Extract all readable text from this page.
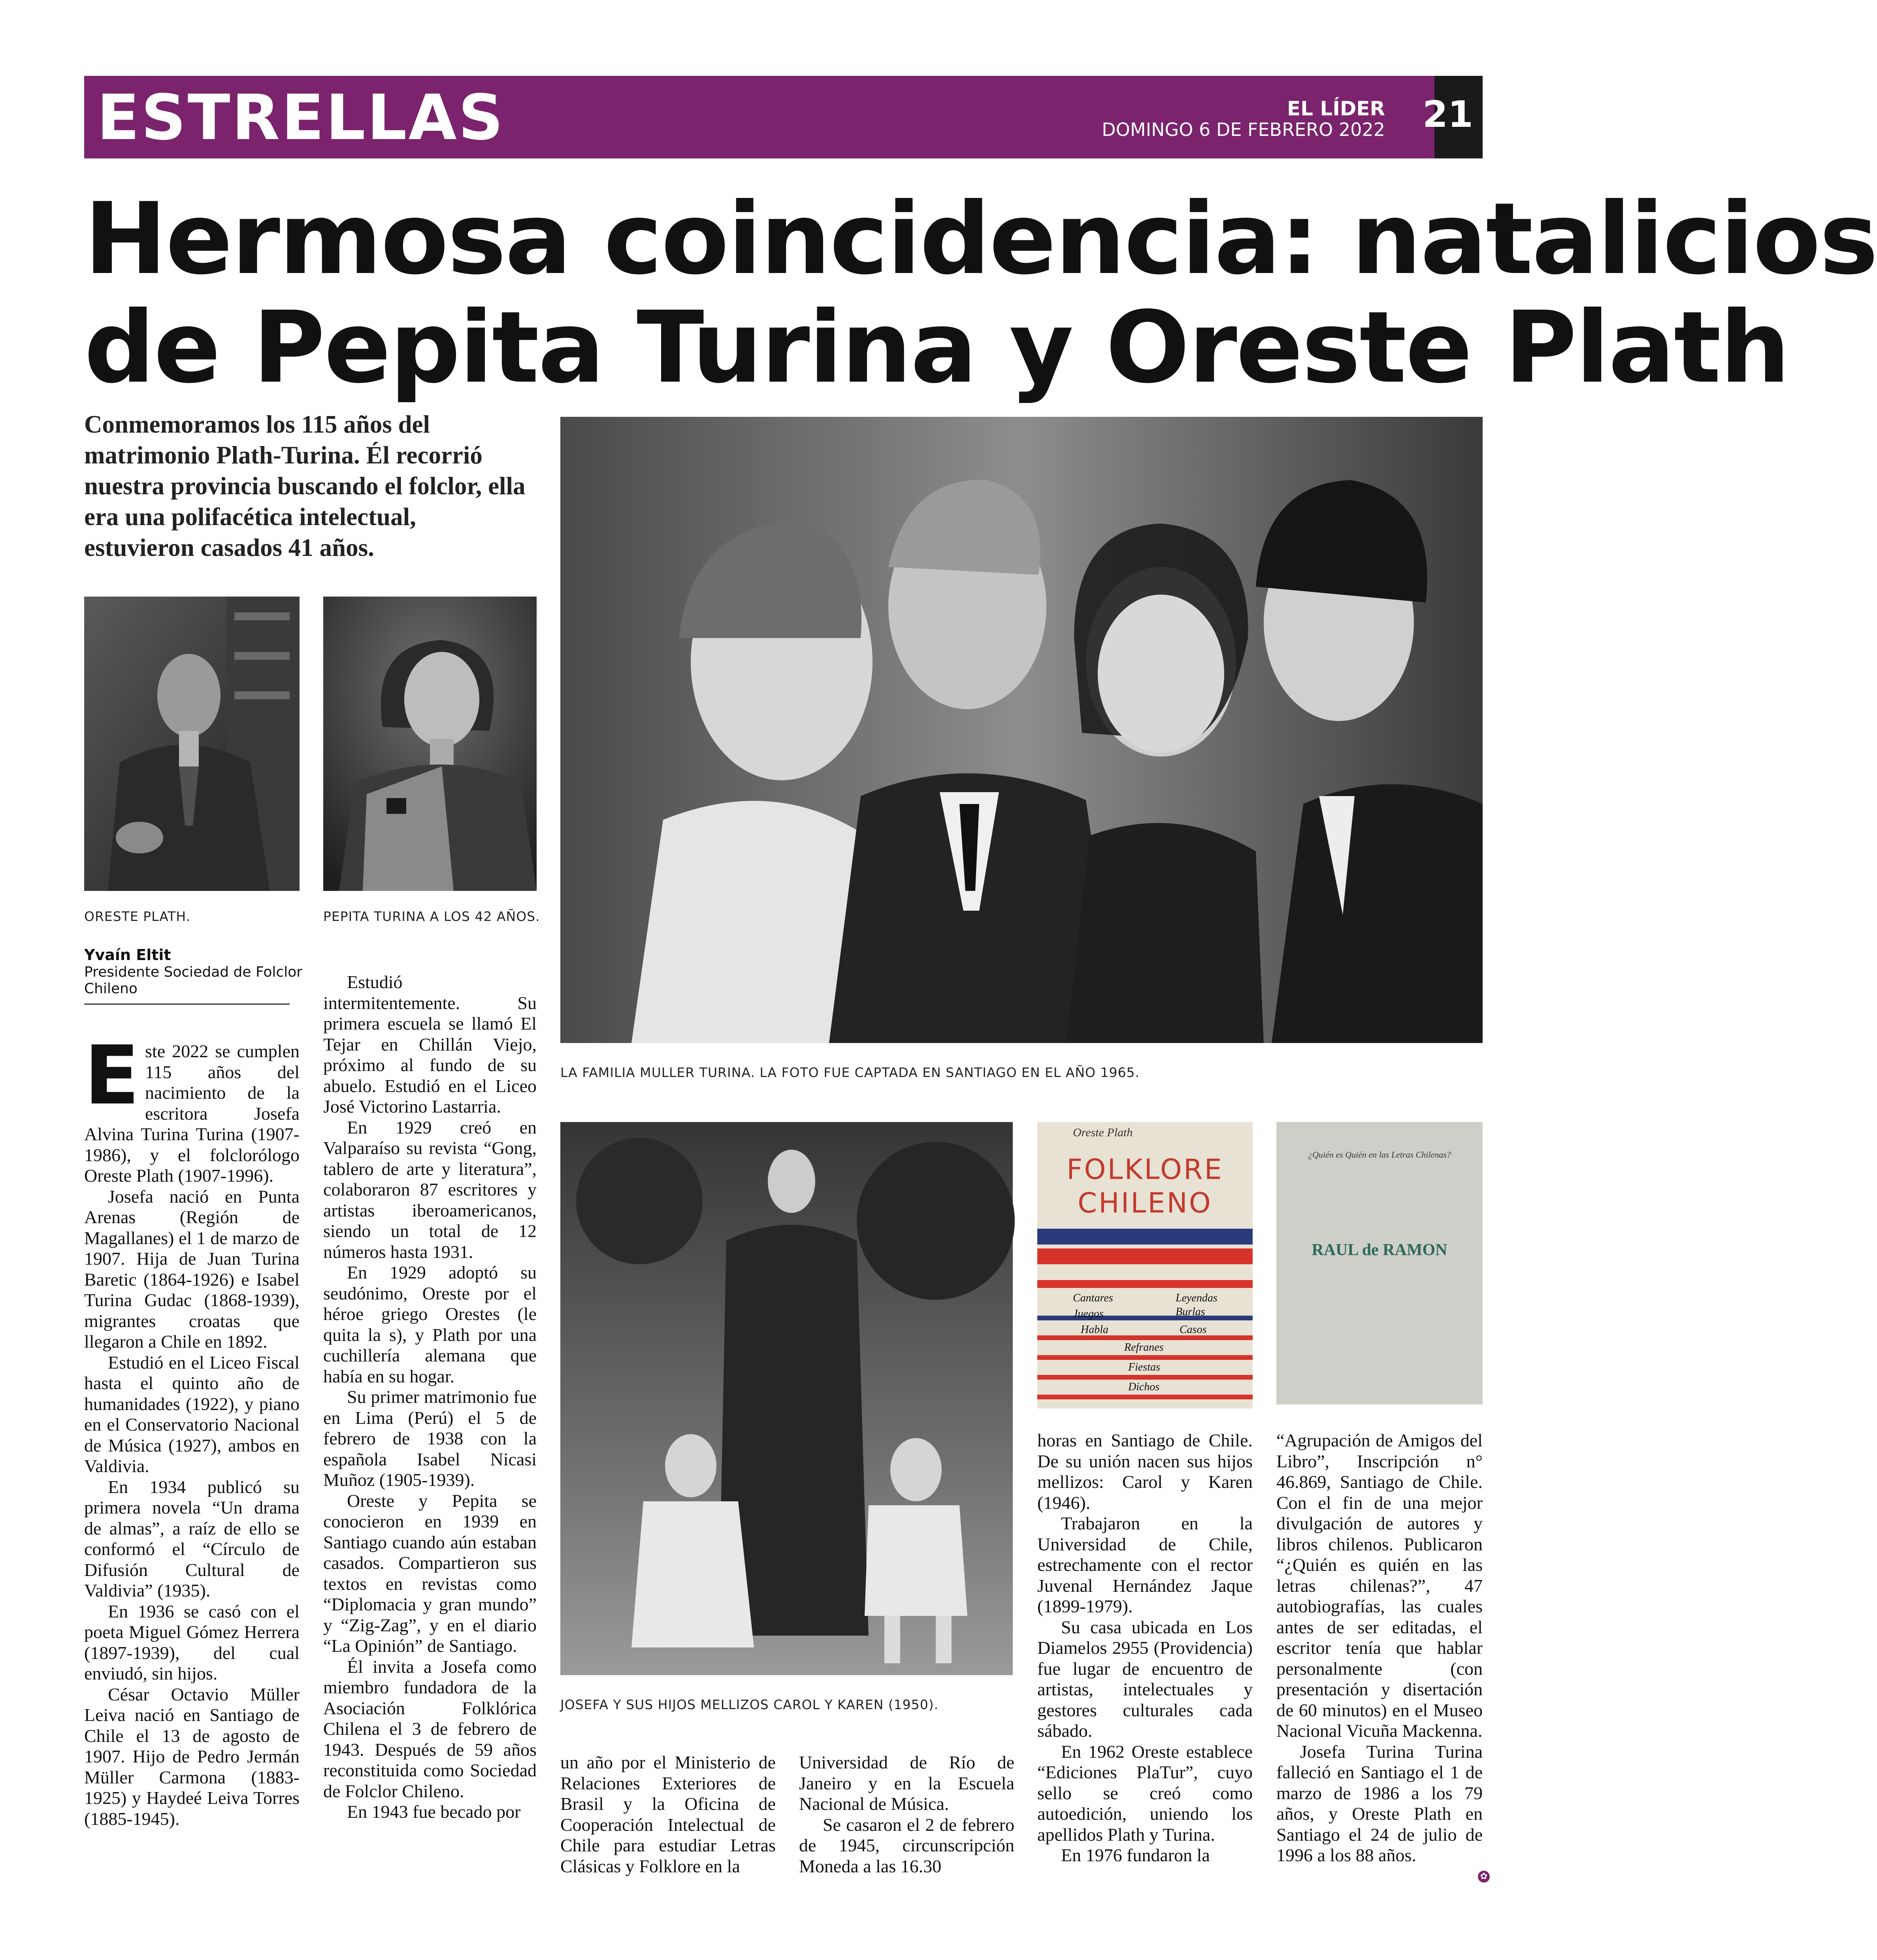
ESTRELLAS	EL LÍDER
DOMINGO 6 DE FEBRERO 2022 21
Hermosa coincidencia: natalicios
de Pepita Turina y Oreste Plath
Conmemoramos los 115 años del matrimonio Plath-Turina. Él recorrió nuestra provincia buscando el folclor, ella era una polifacética intelectual, estuvieron casados 41 años.
ORESTE PLATH.	PEPITA TURINA A LOS 42 AÑOS.
LA FAMILIA MULLER TURINA. LA FOTO FUE CAPTADA EN SANTIAGO EN EL AÑO 1965.
JOSEFA Y SUS HIJOS MELLIZOS CAROL Y KAREN (1950).
Oreste Plath
FOLKLORE
CHILENO
Cantares	Leyendas
Juegos	Burlas
Habla	Casos
Refranes
Fiestas
Dichos
¿Quién es Quién en las Letras Chilenas?
RAUL de RAMON
Yvaín Eltit
Presidente Sociedad de Folclor Chileno

Este 2022 se cumplen 115 años del nacimiento de la escritora Josefa Alvina Turina Turina (1907-1986), y el folclorólogo Oreste Plath (1907-1996).

Josefa nació en Punta Arenas (Región de Magallanes) el 1 de marzo de 1907. Hija de Juan Turina Baretic (1864-1926) e Isabel Turina Gudac (1868-1939), migrantes croatas que llegaron a Chile en 1892.

Estudió en el Liceo Fiscal hasta el quinto año de humanidades (1922), y piano en el Conservatorio Nacional de Música (1927), ambos en Valdivia.

En 1934 publicó su primera novela “Un drama de almas”, a raíz de ello se conformó el “Círculo de Difusión Cultural de Valdivia” (1935).

En 1936 se casó con el poeta Miguel Gómez Herrera (1897-1939), del cual enviudó, sin hijos.

César Octavio Müller Leiva nació en Santiago de Chile el 13 de agosto de 1907. Hijo de Pedro Jermán Müller Carmona (1883-1925) y Haydeé Leiva Torres (1885-1945).

Estudió intermitentemente. Su primera escuela se llamó El Tejar en Chillán Viejo, próximo al fundo de su abuelo. Estudió en el Liceo José Victorino Lastarria.

En 1929 creó en Valparaíso su revista “Gong, tablero de arte y literatura”, colaboraron 87 escritores y artistas iberoamericanos, siendo un total de 12 números hasta 1931.

En 1929 adoptó su seudónimo, Oreste por el héroe griego Orestes (le quita la s), y Plath por una cuchillería alemana que había en su hogar.

Su primer matrimonio fue en Lima (Perú) el 5 de febrero de 1938 con la española Isabel Nicasi Muñoz (1905-1939).

Oreste y Pepita se conocieron en 1939 en Santiago cuando aún estaban casados. Compartieron sus textos en revistas como “Diplomacia y gran mundo” y “Zig-Zag”, y en el diario “La Opinión” de Santiago.

Él invita a Josefa como miembro fundadora de la Asociación Folklórica Chilena el 3 de febrero de 1943. Después de 59 años reconstituida como Sociedad de Folclor Chileno.

En 1943 fue becado por

un año por el Ministerio de Relaciones Exteriores de Brasil y la Oficina de Cooperación Intelectual de Chile para estudiar Letras Clásicas y Folklore en la

Universidad de Río de Janeiro y en la Escuela Nacional de Música.

Se casaron el 2 de febrero de 1945, circunscripción Moneda a las 16.30

horas en Santiago de Chile. De su unión nacen sus hijos mellizos: Carol y Karen (1946).

Trabajaron en la Universidad de Chile, estrechamente con el rector Juvenal Hernández Jaque (1899-1979).

Su casa ubicada en Los Diamelos 2955 (Providencia) fue lugar de encuentro de artistas, intelectuales y gestores culturales cada sábado.

En 1962 Oreste establece “Ediciones PlaTur”, cuyo sello se creó como autoedición, uniendo los apellidos Plath y Turina.

En 1976 fundaron la

“Agrupación de Amigos del Libro”, Inscripción n° 46.869, Santiago de Chile. Con el fin de una mejor divulgación de autores y libros chilenos. Publicaron “¿Quién es quién en las letras chilenas?”, 47 autobiografías, las cuales antes de ser editadas, el escritor tenía que hablar personalmente (con presentación y disertación de 60 minutos) en el Museo Nacional Vicuña Mackenna.

Josefa Turina Turina falleció en Santiago el 1 de marzo de 1986 a los 79 años, y Oreste Plath en Santiago el 24 de julio de 1996 a los 88 años.

✿
